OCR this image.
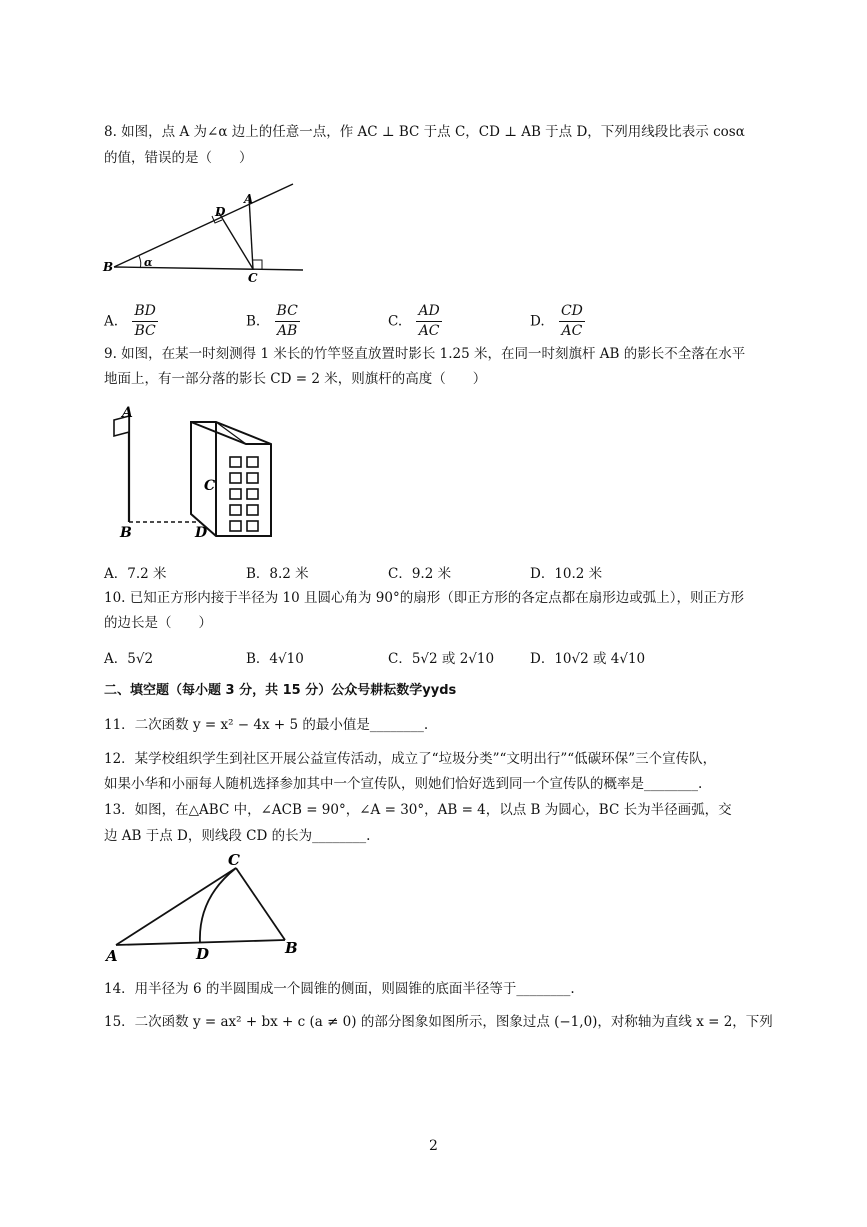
8. 如图，点 A 为∠α 边上的任意一点，作 AC ⊥ BC 于点 C，CD ⊥ AB 于点 D，下列用线段比表示 cosα
的值，错误的是（　　）
B
A
D
C
α
A. $\frac{BD}{BC}$	B. $\frac{BC}{AB}$	C. $\frac{AD}{AC}$	D. $\frac{CD}{AC}$
9. 如图，在某一时刻测得 1 米长的竹竿竖直放置时影长 1.25 米，在同一时刻旗杆 AB 的影长不全落在水平
地面上，有一部分落的影长 CD = 2 米，则旗杆的高度（　　）
A
C
B	D
A．7.2 米	B．8.2 米	C．9.2 米	D．10.2 米
10. 已知正方形内接于半径为 10 且圆心角为 90°的扇形（即正方形的各定点都在扇形边或弧上），则正方形
的边长是（　　）
A．5√2	B．4√10	C．5√2 或 2√10	D．10√2 或 4√10
二、填空题（每小题 3 分，共 15 分）公众号耕耘数学yyds
11．二次函数 y = x² − 4x + 5 的最小值是________.
12．某学校组织学生到社区开展公益宣传活动，成立了“垃圾分类”“文明出行”“低碳环保”三个宣传队，
如果小华和小丽每人随机选择参加其中一个宣传队，则她们恰好选到同一个宣传队的概率是________.
13．如图，在△ABC 中，∠ACB = 90°，∠A = 30°，AB = 4，以点 B 为圆心，BC 长为半径画弧，交
边 AB 于点 D，则线段 CD 的长为________.
C
A	D	B
14．用半径为 6 的半圆围成一个圆锥的侧面，则圆锥的底面半径等于________.
15．二次函数 y = ax² + bx + c (a ≠ 0) 的部分图象如图所示，图象过点 (−1,0)，对称轴为直线 x = 2，下列
2
